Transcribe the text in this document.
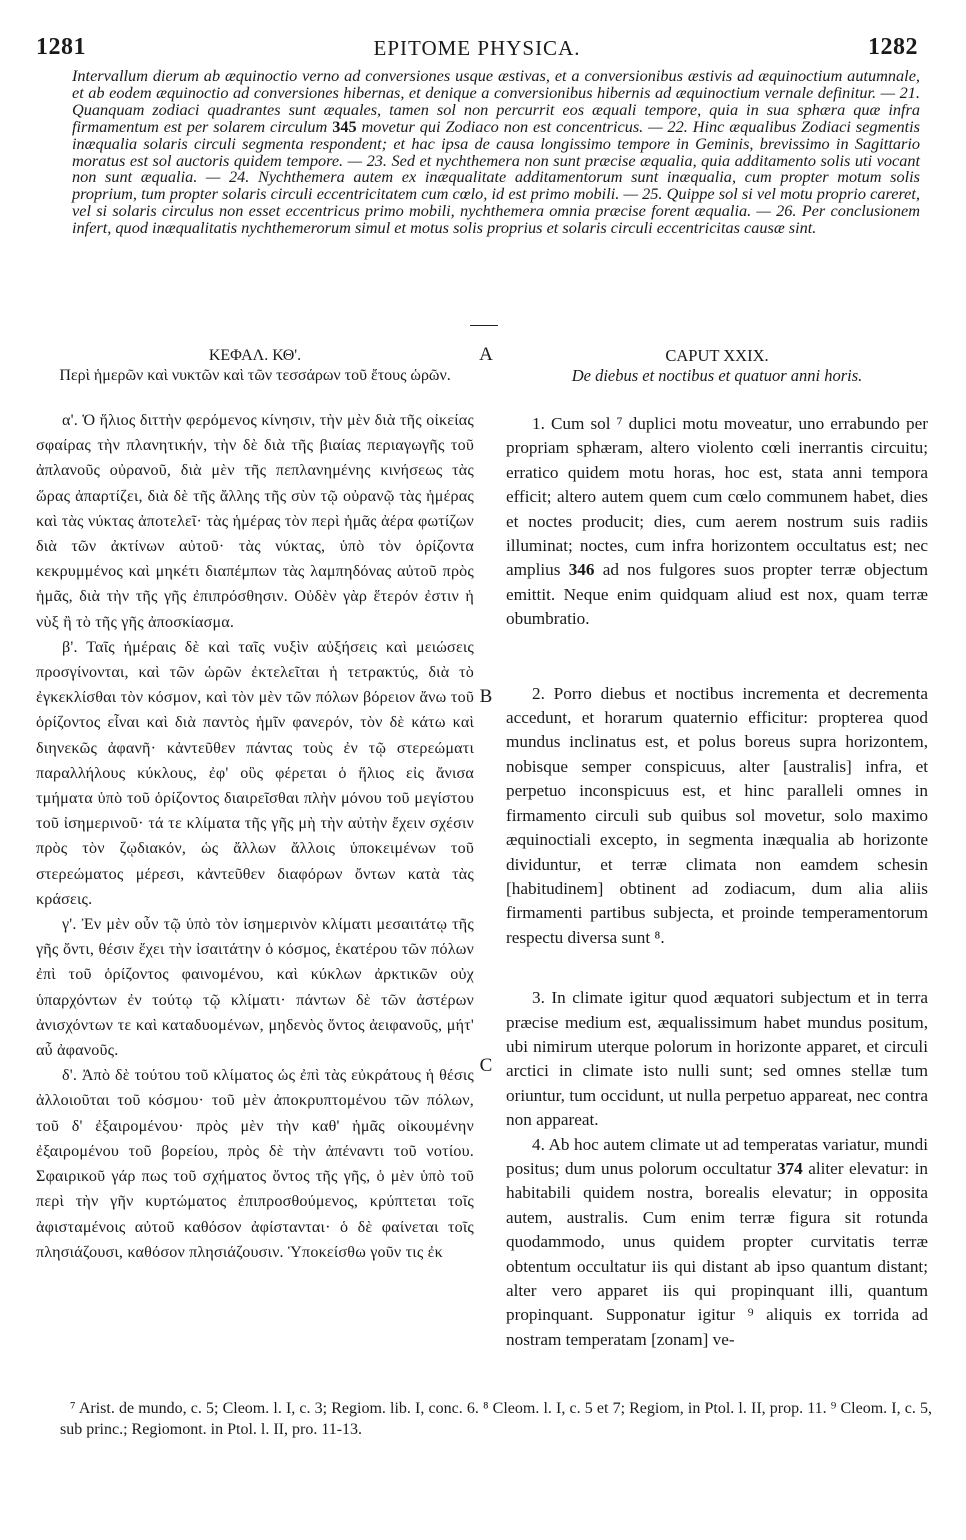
1281	EPITOME PHYSICA.	1282

Intervallum dierum ab æquinoctio verno ad conversiones usque æstivas, et a conversionibus æstivis ad æquinoctium autumnale, et ab eodem æquinoctio ad conversiones hibernas, et denique a conversionibus hibernis ad æquinoctium vernale definitur. — 21. Quanquam zodiaci quadrantes sunt æquales, tamen sol non percurrit eos æquali tempore, quia in sua sphæra quæ infra firmamentum est per solarem circulum 345 movetur qui Zodiaco non est concentricus. — 22. Hinc æqualibus Zodiaci segmentis inæqualia solaris circuli segmenta respondent; et hac ipsa de causa longissimo tempore in Geminis, brevissimo in Sagittario moratus est sol auctoris quidem tempore. — 23. Sed et nychthemera non sunt præcise æqualia, quia additamento solis uti vocant non sunt æqualia. — 24. Nychthemera autem ex inæqualitate additamentorum sunt inæqualia, cum propter motum solis proprium, tum propter solaris circuli eccentricitatem cum cœlo, id est primo mobili. — 25. Quippe sol si vel motu proprio careret, vel si solaris circulus non esset eccentricus primo mobili, nychthemera omnia præcise forent æqualia. — 26. Per conclusionem infert, quod inæqualitatis nychthemerorum simul et motus solis proprius et solaris circuli eccentricitas causæ sint.

ΚΕΦΑΛ. ΚΘ'.
Περὶ ἡμερῶν καὶ νυκτῶν καὶ τῶν τεσσάρων τοῦ ἔτους ὡρῶν.
CAPUT XXIX.
De diebus et noctibus et quatuor anni horis.
A
B
C

α'. Ὁ ἥλιος διττὴν φερόμενος κίνησιν, τὴν μὲν διὰ τῆς οἰκείας σφαίρας τὴν πλανητικήν, τὴν δὲ διὰ τῆς βιαίας περιαγωγῆς τοῦ ἀπλανοῦς οὐρανοῦ, διὰ μὲν τῆς πεπλανημένης κινήσεως τὰς ὥρας ἀπαρτίζει, διὰ δὲ τῆς ἄλλης τῆς σὺν τῷ οὐρανῷ τὰς ἡμέρας καὶ τὰς νύκτας ἀποτελεῖ· τὰς ἡμέρας τὸν περὶ ἡμᾶς ἀέρα φωτίζων διὰ τῶν ἀκτίνων αὐτοῦ· τὰς νύκτας, ὑπὸ τὸν ὁρίζοντα κεκρυμμένος καὶ μηκέτι διαπέμπων τὰς λαμπηδόνας αὐτοῦ πρὸς ἡμᾶς, διὰ τὴν τῆς γῆς ἐπιπρόσθησιν. Οὐδὲν γὰρ ἕτερόν ἐστιν ἡ νὺξ ἢ τὸ τῆς γῆς ἀποσκίασμα.

β'. Ταῖς ἡμέραις δὲ καὶ ταῖς νυξὶν αὐξήσεις καὶ μειώσεις προσγίνονται, καὶ τῶν ὡρῶν ἐκτελεῖται ἡ τετρακτύς, διὰ τὸ ἐγκεκλίσθαι τὸν κόσμον, καὶ τὸν μὲν τῶν πόλων βόρειον ἄνω τοῦ ὁρίζοντος εἶναι καὶ διὰ παντὸς ἡμῖν φανερόν, τὸν δὲ κάτω καὶ διηνεκῶς ἀφανῆ· κἀντεῦθεν πάντας τοὺς ἐν τῷ στερεώματι παραλλήλους κύκλους, ἐφ' οὓς φέρεται ὁ ἥλιος εἰς ἄνισα τμήματα ὑπὸ τοῦ ὁρίζοντος διαιρεῖσθαι πλὴν μόνου τοῦ μεγίστου τοῦ ἰσημερινοῦ· τά τε κλίματα τῆς γῆς μὴ τὴν αὐτὴν ἔχειν σχέσιν πρὸς τὸν ζῳδιακόν, ὡς ἄλλων ἄλλοις ὑποκειμένων τοῦ στερεώματος μέρεσι, κἀντεῦθεν διαφόρων ὄντων κατὰ τὰς κράσεις.

γ'. Ἐν μὲν οὖν τῷ ὑπὸ τὸν ἰσημερινὸν κλίματι μεσαιτάτῳ τῆς γῆς ὄντι, θέσιν ἔχει τὴν ἰσαιτάτην ὁ κόσμος, ἑκατέρου τῶν πόλων ἐπὶ τοῦ ὁρίζοντος φαινομένου, καὶ κύκλων ἀρκτικῶν οὐχ ὑπαρχόντων ἐν τούτῳ τῷ κλίματι· πάντων δὲ τῶν ἀστέρων ἀνισχόντων τε καὶ καταδυομένων, μηδενὸς ὄντος ἀειφανοῦς, μήτ' αὖ ἀφανοῦς.

δ'. Ἀπὸ δὲ τούτου τοῦ κλίματος ὡς ἐπὶ τὰς εὐκράτους ἡ θέσις ἀλλοιοῦται τοῦ κόσμου· τοῦ μὲν ἀποκρυπτομένου τῶν πόλων, τοῦ δ' ἐξαιρομένου· πρὸς μὲν τὴν καθ' ἡμᾶς οἰκουμένην ἐξαιρομένου τοῦ βορείου, πρὸς δὲ τὴν ἀπέναντι τοῦ νοτίου. Σφαιρικοῦ γάρ πως τοῦ σχήματος ὄντος τῆς γῆς, ὁ μὲν ὑπὸ τοῦ περὶ τὴν γῆν κυρτώματος ἐπιπροσθούμενος, κρύπτεται τοῖς ἀφισταμένοις αὐτοῦ καθόσον ἀφίστανται· ὁ δὲ φαίνεται τοῖς πλησιάζουσι, καθόσον πλησιάζουσιν. Ὑποκείσθω γοῦν τις ἐκ

1. Cum sol ⁷ duplici motu moveatur, uno errabundo per propriam sphæram, altero violento cœli inerrantis circuitu; erratico quidem motu horas, hoc est, stata anni tempora efficit; altero autem quem cum cœlo communem habet, dies et noctes producit; dies, cum aerem nostrum suis radiis illuminat; noctes, cum infra horizontem occultatus est; nec amplius 346 ad nos fulgores suos propter terræ objectum emittit. Neque enim quidquam aliud est nox, quam terræ obumbratio.

2. Porro diebus et noctibus incrementa et decrementa accedunt, et horarum quaternio efficitur: propterea quod mundus inclinatus est, et polus boreus supra horizontem, nobisque semper conspicuus, alter [australis] infra, et perpetuo inconspicuus est, et hinc paralleli omnes in firmamento circuli sub quibus sol movetur, solo maximo æquinoctiali excepto, in segmenta inæqualia ab horizonte dividuntur, et terræ climata non eamdem schesin [habitudinem] obtinent ad zodiacum, dum alia aliis firmamenti partibus subjecta, et proinde temperamentorum respectu diversa sunt ⁸.

3. In climate igitur quod æquatori subjectum et in terra præcise medium est, æqualissimum habet mundus positum, ubi nimirum uterque polorum in horizonte apparet, et circuli arctici in climate isto nulli sunt; sed omnes stellæ tum oriuntur, tum occidunt, ut nulla perpetuo appareat, nec contra non appareat.

4. Ab hoc autem climate ut ad temperatas variatur, mundi positus; dum unus polorum occultatur 374 aliter elevatur: in habitabili quidem nostra, borealis elevatur; in opposita autem, australis. Cum enim terræ figura sit rotunda quodammodo, unus quidem propter curvitatis terræ obtentum occultatur iis qui distant ab ipso quantum distant; alter vero apparet iis qui propinquant illi, quantum propinquant. Supponatur igitur ⁹ aliquis ex torrida ad nostram temperatam [zonam] ve-

⁷ Arist. de mundo, c. 5; Cleom. l. I, c. 3; Regiom. lib. I, conc. 6. ⁸ Cleom. l. I, c. 5 et 7; Regiom, in Ptol. l. II, prop. 11. ⁹ Cleom. I, c. 5, sub princ.; Regiomont. in Ptol. l. II, pro. 11-13.
